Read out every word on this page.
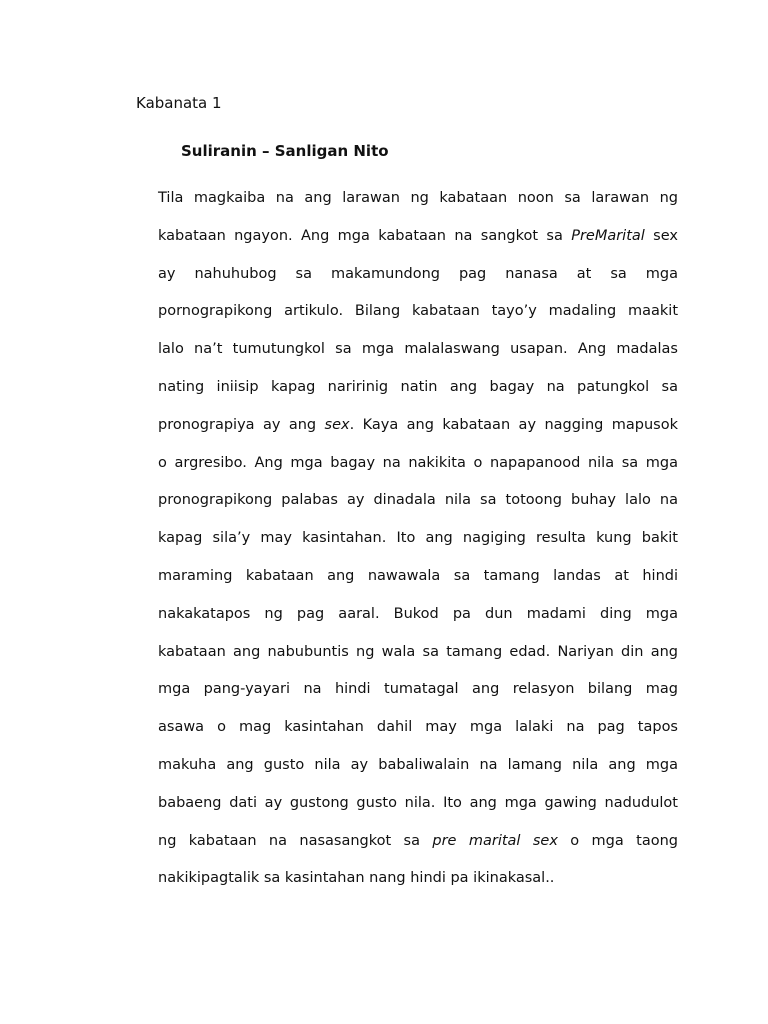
Kabanata 1
Suliranin – Sanligan Nito
Tila magkaiba na ang larawan ng kabataan noon sa larawan ng
kabataan ngayon. Ang mga kabataan na sangkot sa PreMarital sex
ay nahuhubog sa makamundong pag nanasa at sa mga
pornograpikong artikulo. Bilang kabataan tayo’y madaling maakit
lalo na’t tumutungkol sa mga malalaswang usapan. Ang madalas
nating iniisip kapag naririnig natin ang bagay na patungkol sa
pronograpiya ay ang sex. Kaya ang kabataan ay nagging mapusok
o argresibo. Ang mga bagay na nakikita o napapanood nila sa mga
pronograpikong palabas ay dinadala nila sa totoong buhay lalo na
kapag sila’y may kasintahan. Ito ang nagiging resulta kung bakit
maraming kabataan ang nawawala sa tamang landas at hindi
nakakatapos ng pag aaral. Bukod pa dun madami ding mga
kabataan ang nabubuntis ng wala sa tamang edad. Nariyan din ang
mga pang-yayari na hindi tumatagal ang relasyon bilang mag
asawa o mag kasintahan dahil may mga lalaki na pag tapos
makuha ang gusto nila ay babaliwalain na lamang nila ang mga
babaeng dati ay gustong gusto nila. Ito ang mga gawing nadudulot
ng kabataan na nasasangkot sa pre marital sex o mga taong
nakikipagtalik sa kasintahan nang hindi pa ikinakasal..
